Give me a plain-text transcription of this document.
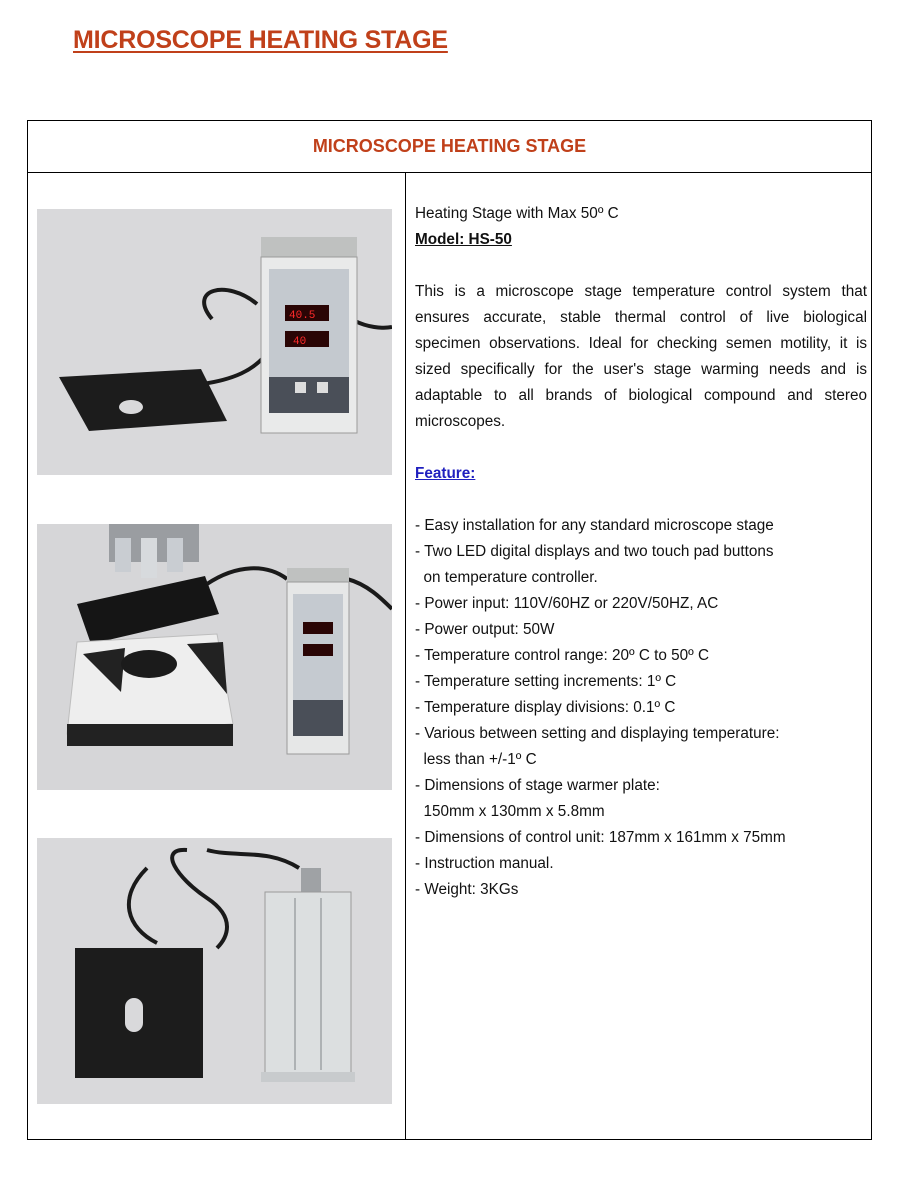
MICROSCOPE HEATING STAGE
MICROSCOPE HEATING STAGE
40.5
40

Heating Stage with Max 50º C

Model: HS-50

This is a microscope stage temperature control system that ensures accurate, stable thermal control of live biological specimen observations. Ideal for checking semen motility, it is sized specifically for the user's stage warming needs and is adaptable to all brands of biological compound and stereo microscopes.

Feature:

- Easy installation for any standard microscope stage
- Two LED digital displays and two touch pad buttons
on temperature controller.
- Power input: 110V/60HZ or 220V/50HZ, AC
- Power output: 50W
- Temperature control range: 20º C to 50º C
- Temperature setting increments: 1º C
- Temperature display divisions: 0.1º C
- Various between setting and displaying temperature:
less than +/-1º C
- Dimensions of stage warmer plate:
150mm x 130mm x 5.8mm
- Dimensions of control unit: 187mm x 161mm x 75mm
- Instruction manual.
- Weight: 3KGs
